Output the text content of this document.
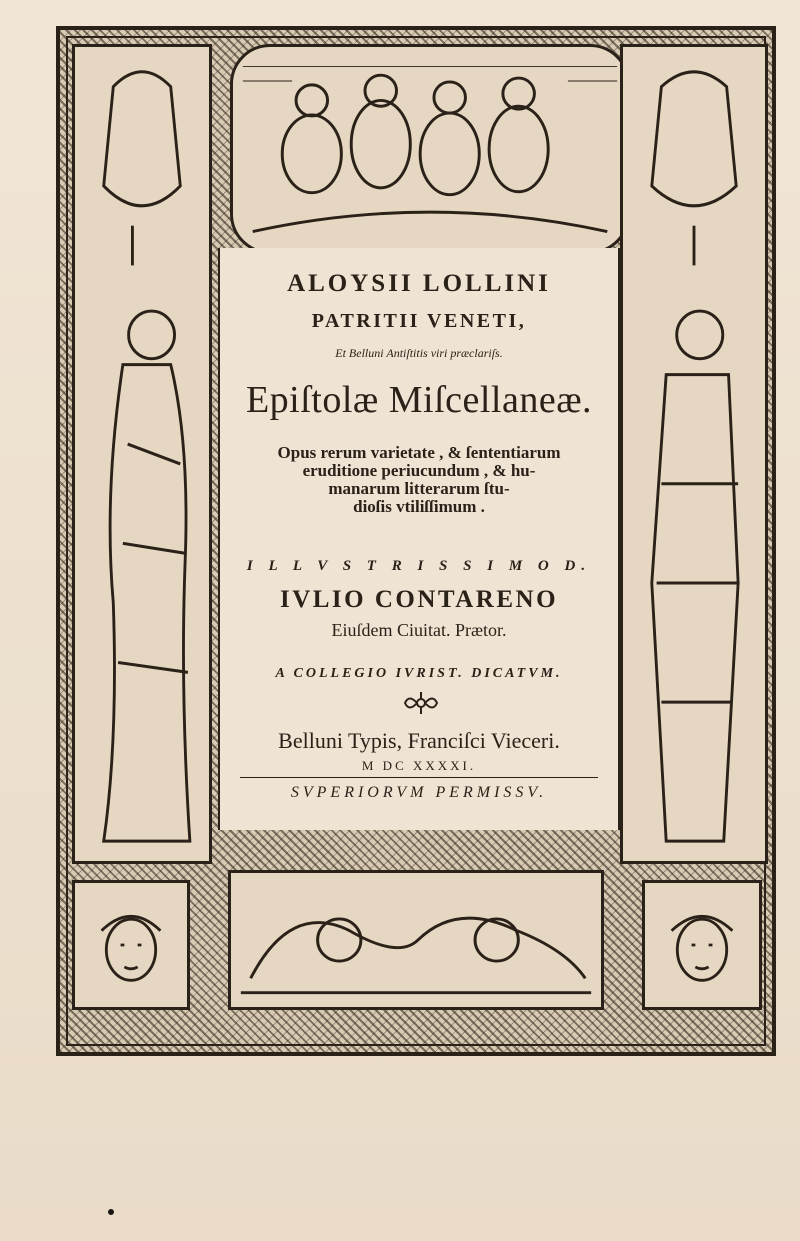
ALOYSII LOLLINI
PATRITII VENETI,
Et Belluni Antiſtitis viri præclariſs.
Epiſtolæ Miſcellaneæ.
Opus rerum varietate , & ſententiarum
eruditione periucundum , & hu-
manarum litterarum ſtu-
dioſis vtiliſſimum .
I L L V S T R I S S I M O D.
IVLIO CONTARENO
Eiuſdem Ciuitat. Prætor.
A COLLEGIO IVRIST. DICATVM.
Belluni Typis, Franciſci Vieceri.
M DC XXXXI.
SVPERIORVM PERMISSV.
